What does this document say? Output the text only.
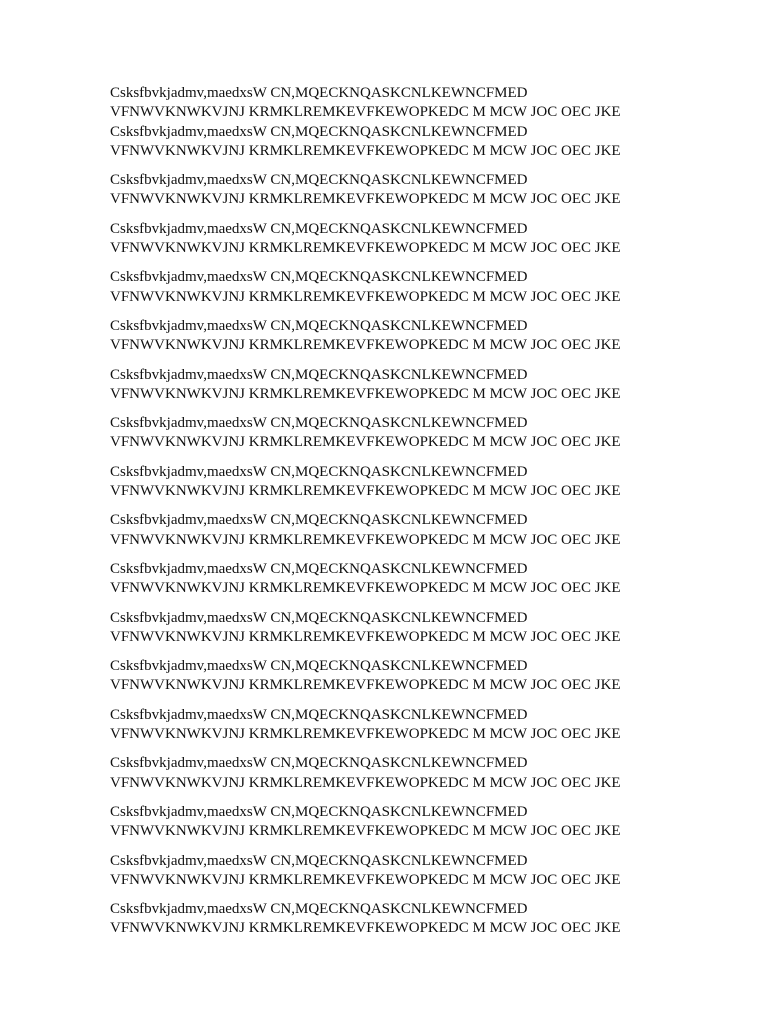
Csksfbvkjadmv,maedxsW CN,MQECKNQASKCNLKEWNCFMED
VFNWVKNWKVJNJ KRMKLREMKEVFKEWOPKEDC M MCW JOC OEC JKE
Csksfbvkjadmv,maedxsW CN,MQECKNQASKCNLKEWNCFMED
VFNWVKNWKVJNJ KRMKLREMKEVFKEWOPKEDC M MCW JOC OEC JKE
Csksfbvkjadmv,maedxsW CN,MQECKNQASKCNLKEWNCFMED
VFNWVKNWKVJNJ KRMKLREMKEVFKEWOPKEDC M MCW JOC OEC JKE
Csksfbvkjadmv,maedxsW CN,MQECKNQASKCNLKEWNCFMED
VFNWVKNWKVJNJ KRMKLREMKEVFKEWOPKEDC M MCW JOC OEC JKE
Csksfbvkjadmv,maedxsW CN,MQECKNQASKCNLKEWNCFMED
VFNWVKNWKVJNJ KRMKLREMKEVFKEWOPKEDC M MCW JOC OEC JKE
Csksfbvkjadmv,maedxsW CN,MQECKNQASKCNLKEWNCFMED
VFNWVKNWKVJNJ KRMKLREMKEVFKEWOPKEDC M MCW JOC OEC JKE
Csksfbvkjadmv,maedxsW CN,MQECKNQASKCNLKEWNCFMED
VFNWVKNWKVJNJ KRMKLREMKEVFKEWOPKEDC M MCW JOC OEC JKE
Csksfbvkjadmv,maedxsW CN,MQECKNQASKCNLKEWNCFMED
VFNWVKNWKVJNJ KRMKLREMKEVFKEWOPKEDC M MCW JOC OEC JKE
Csksfbvkjadmv,maedxsW CN,MQECKNQASKCNLKEWNCFMED
VFNWVKNWKVJNJ KRMKLREMKEVFKEWOPKEDC M MCW JOC OEC JKE
Csksfbvkjadmv,maedxsW CN,MQECKNQASKCNLKEWNCFMED
VFNWVKNWKVJNJ KRMKLREMKEVFKEWOPKEDC M MCW JOC OEC JKE
Csksfbvkjadmv,maedxsW CN,MQECKNQASKCNLKEWNCFMED
VFNWVKNWKVJNJ KRMKLREMKEVFKEWOPKEDC M MCW JOC OEC JKE
Csksfbvkjadmv,maedxsW CN,MQECKNQASKCNLKEWNCFMED
VFNWVKNWKVJNJ KRMKLREMKEVFKEWOPKEDC M MCW JOC OEC JKE
Csksfbvkjadmv,maedxsW CN,MQECKNQASKCNLKEWNCFMED
VFNWVKNWKVJNJ KRMKLREMKEVFKEWOPKEDC M MCW JOC OEC JKE
Csksfbvkjadmv,maedxsW CN,MQECKNQASKCNLKEWNCFMED
VFNWVKNWKVJNJ KRMKLREMKEVFKEWOPKEDC M MCW JOC OEC JKE
Csksfbvkjadmv,maedxsW CN,MQECKNQASKCNLKEWNCFMED
VFNWVKNWKVJNJ KRMKLREMKEVFKEWOPKEDC M MCW JOC OEC JKE
Csksfbvkjadmv,maedxsW CN,MQECKNQASKCNLKEWNCFMED
VFNWVKNWKVJNJ KRMKLREMKEVFKEWOPKEDC M MCW JOC OEC JKE
Csksfbvkjadmv,maedxsW CN,MQECKNQASKCNLKEWNCFMED
VFNWVKNWKVJNJ KRMKLREMKEVFKEWOPKEDC M MCW JOC OEC JKE
Csksfbvkjadmv,maedxsW CN,MQECKNQASKCNLKEWNCFMED
VFNWVKNWKVJNJ KRMKLREMKEVFKEWOPKEDC M MCW JOC OEC JKE
